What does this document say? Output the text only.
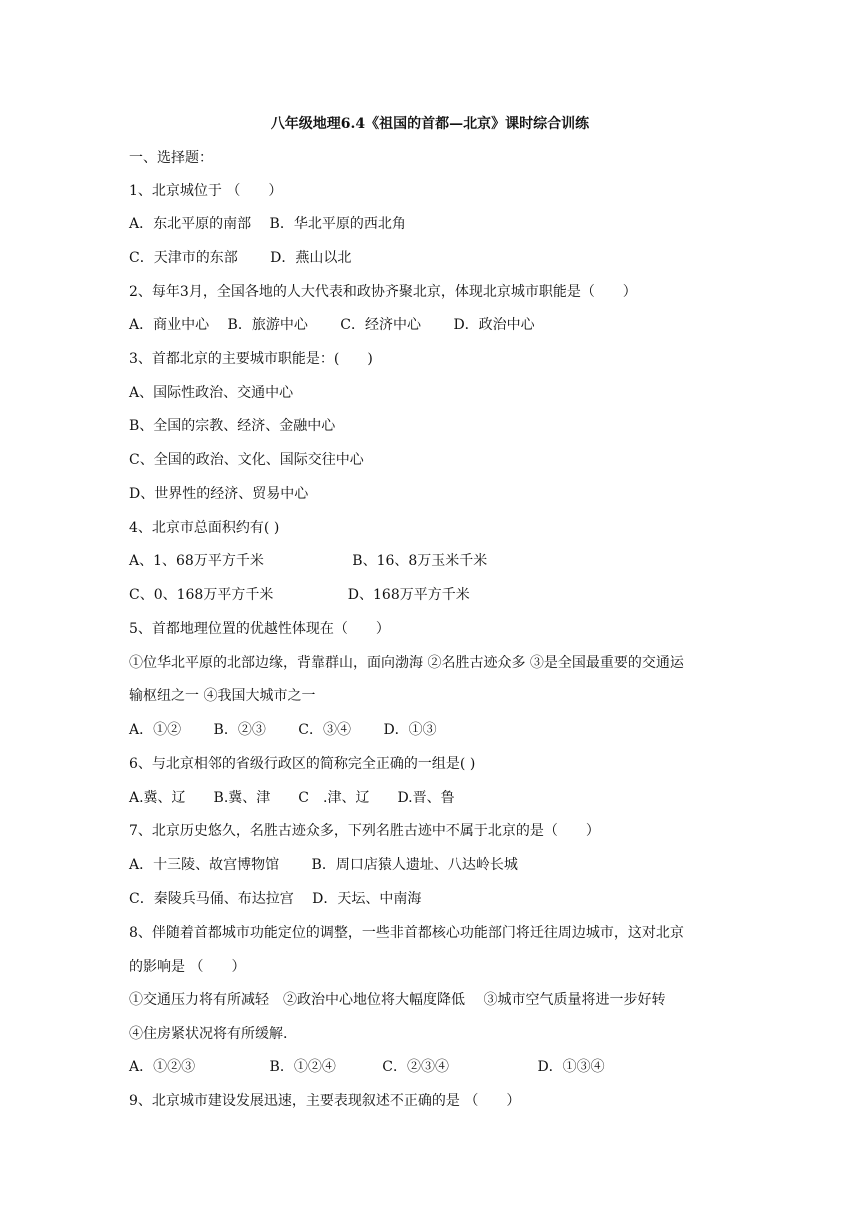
八年级地理6.4《祖国的首都—北京》课时综合训练
一、选择题：
1、北京城位于 （　　）
A．东北平原的南部　 B．华北平原的西北角
C．天津市的东部　　 D．燕山以北
2、每年3月，全国各地的人大代表和政协齐聚北京，体现北京城市职能是（　　）
A．商业中心　 B．旅游中心　　 C．经济中心　　 D．政治中心
3、首都北京的主要城市职能是：(　　)
A、国际性政治、交通中心
B、全国的宗教、经济、金融中心
C、全国的政治、文化、国际交往中心
D、世界性的经济、贸易中心
4、北京市总面积约有( )
A、1、68万平方千米　　　　　　 B、16、8万玉米千米
C、0、168万平方千米　　　　　 D、168万平方千米
5、首都地理位置的优越性体现在（　　）
①位华北平原的北部边缘，背靠群山，面向渤海 ②名胜古迹众多 ③是全国最重要的交通运
输枢纽之一 ④我国大城市之一
A．①②　　 B．②③　　 C．③④　　 D．①③
6、与北京相邻的省级行政区的简称完全正确的一组是( )
A.冀、辽　　B.冀、津　　C　.津、辽　　D.晋、鲁
7、北京历史悠久，名胜古迹众多，下列名胜古迹中不属于北京的是（　　）
A．十三陵、故宫博物馆　　 B．周口店猿人遗址、八达岭长城
C．秦陵兵马俑、布达拉宫　 D．天坛、中南海
8、伴随着首都城市功能定位的调整，一些非首都核心功能部门将迁往周边城市，这对北京
的影响是 （　　）
①交通压力将有所减轻　②政治中心地位将大幅度降低　 ③城市空气质量将进一步好转
④住房紧状况将有所缓解.
A．①②③　　　　　 B．①②④　　　 C．②③④　　　　　　 D．①③④
9、北京城市建设发展迅速，主要表现叙述不正确的是 （　　）
